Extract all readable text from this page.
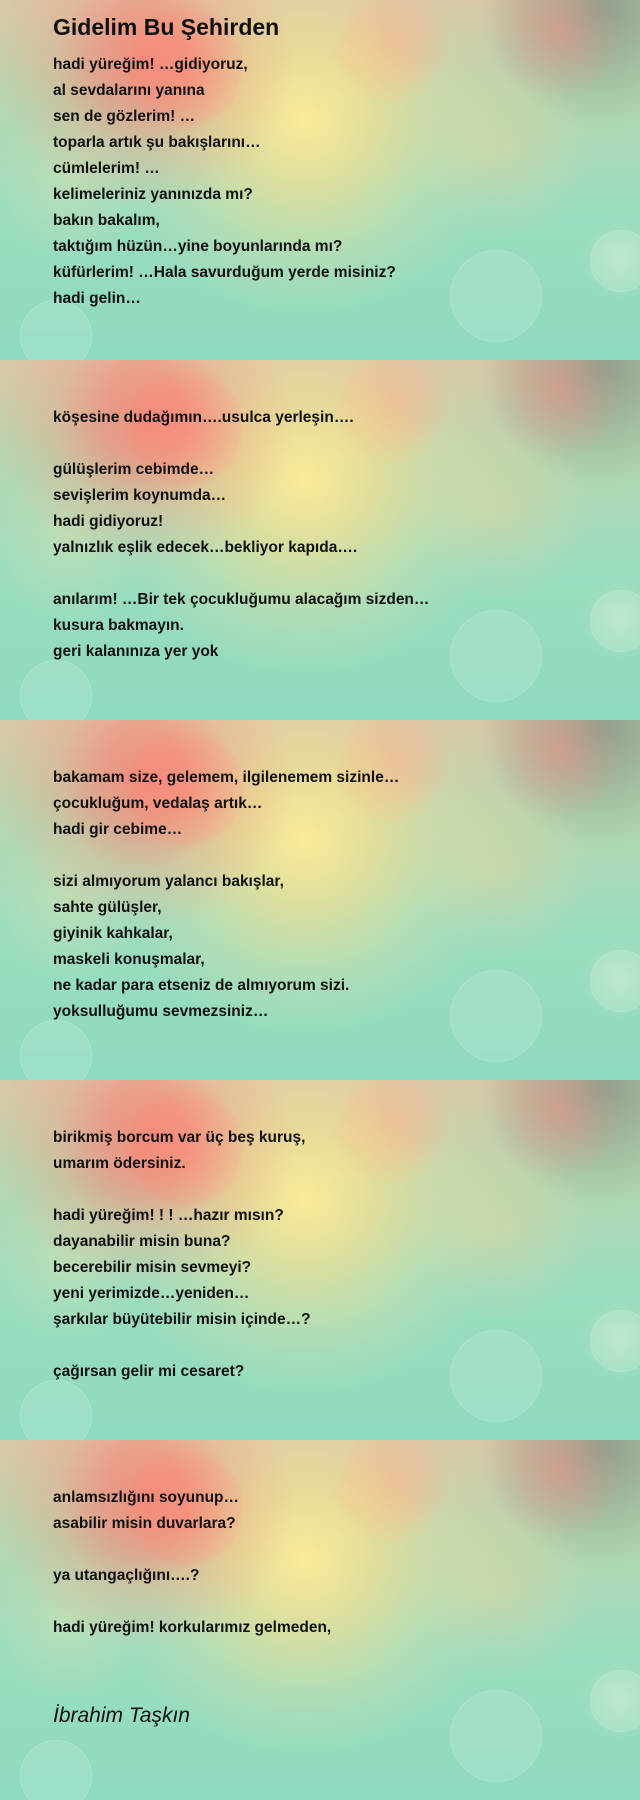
Gidelim Bu Şehirden

hadi yüreğim! …gidiyoruz,
al sevdalarını yanına
sen de gözlerim! …
toparla artık şu bakışlarını…
cümlelerim! …
kelimeleriniz yanınızda mı?
bakın bakalım,
taktığım hüzün…yine boyunlarında mı?
küfürlerim! …Hala savurduğum yerde misiniz?
hadi gelin…

köşesine dudağımın….usulca yerleşin….

gülüşlerim cebimde…
sevişlerim koynumda…
hadi gidiyoruz!
yalnızlık eşlik edecek…bekliyor kapıda….

anılarım! …Bir tek çocukluğumu alacağım sizden…
kusura bakmayın.
geri kalanınıza yer yok

bakamam size, gelemem, ilgilenemem sizinle…
çocukluğum, vedalaş artık…
hadi gir cebime…

sizi almıyorum yalancı bakışlar,
sahte gülüşler,
giyinik kahkalar,
maskeli konuşmalar,
ne kadar para etseniz de almıyorum sizi.
yoksulluğumu sevmezsiniz…

birikmiş borcum var üç beş kuruş,
umarım ödersiniz.

hadi yüreğim! ! ! …hazır mısın?
dayanabilir misin buna?
becerebilir misin sevmeyi?
yeni yerimizde…yeniden…
şarkılar büyütebilir misin içinde…?

çağırsan gelir mi cesaret?

anlamsızlığını soyunup…
asabilir misin duvarlara?

ya utangaçlığını….?

hadi yüreğim! korkularımız gelmeden,

İbrahim Taşkın
